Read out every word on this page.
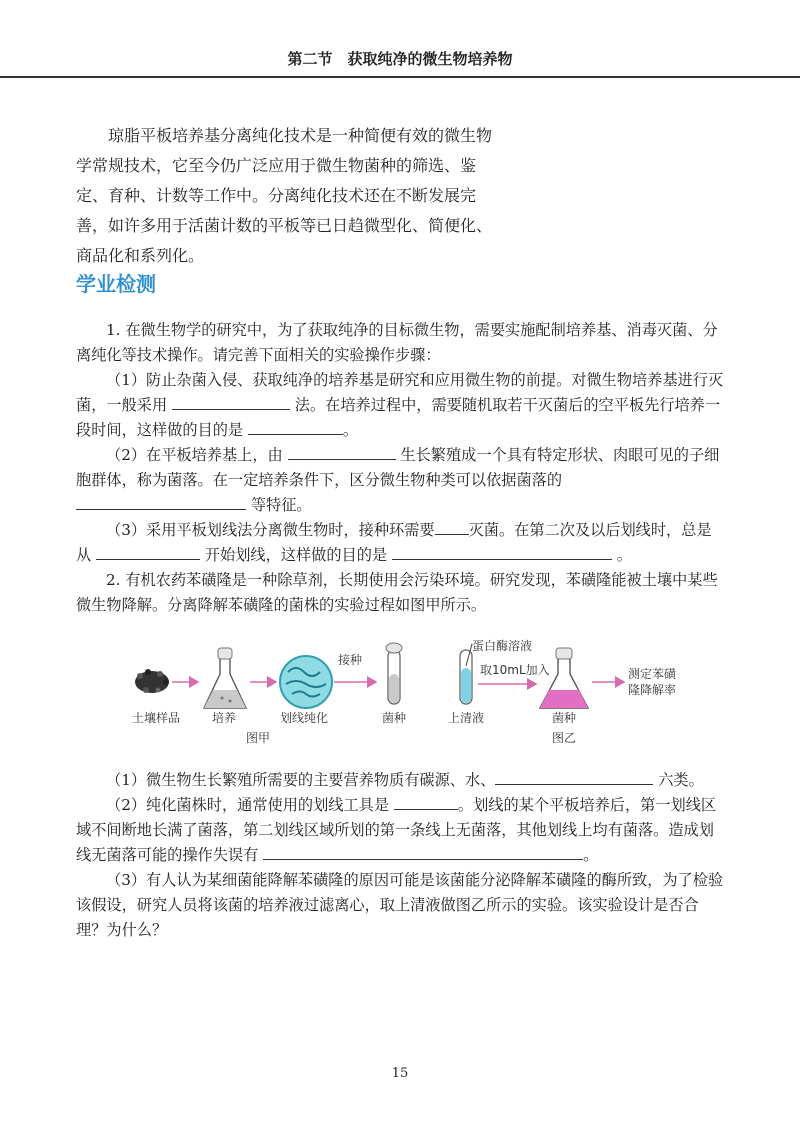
第二节　获取纯净的微生物培养物

琼脂平板培养基分离纯化技术是一种简便有效的微生物学常规技术，它至今仍广泛应用于微生物菌种的筛选、鉴定、育种、计数等工作中。分离纯化技术还在不断发展完善，如许多用于活菌计数的平板等已日趋微型化、简便化、商品化和系列化。

学业检测

1. 在微生物学的研究中，为了获取纯净的目标微生物，需要实施配制培养基、消毒灭菌、分离纯化等技术操作。请完善下面相关的实验操作步骤：

（1）防止杂菌入侵、获取纯净的培养基是研究和应用微生物的前提。对微生物培养基进行灭菌，一般采用	法。在培养过程中，需要随机取若干灭菌后的空平板先行培养一段时间，这样做的目的是	。

（2）在平板培养基上，由	生长繁殖成一个具有特定形状、肉眼可见的子细胞群体，称为菌落。在一定培养条件下，区分微生物种类可以依据菌落的  等特征。

（3）采用平板划线法分离微生物时，接种环需要 灭菌。在第二次及以后划线时，总是从	开始划线，这样做的目的是	。

2. 有机农药苯磺隆是一种除草剂，长期使用会污染环境。研究发现，苯磺隆能被土壤中某些微生物降解。分离降解苯磺隆的菌株的实验过程如图甲所示。

土壤样品	培养	划线纯化
接种
菌种
蛋白酶溶液
上清液
取10mL加入
菌种
测定苯磺
隆降解率
图甲	图乙

（1）微生物生长繁殖所需要的主要营养物质有碳源、水、	六类。

（2）纯化菌株时，通常使用的划线工具是	。划线的某个平板培养后，第一划线区域不间断地长满了菌落，第二划线区域所划的第一条线上无菌落，其他划线上均有菌落。造成划线无菌落可能的操作失误有	。

（3）有人认为某细菌能降解苯磺隆的原因可能是该菌能分泌降解苯磺隆的酶所致，为了检验该假设，研究人员将该菌的培养液过滤离心，取上清液做图乙所示的实验。该实验设计是否合理？为什么？

15
